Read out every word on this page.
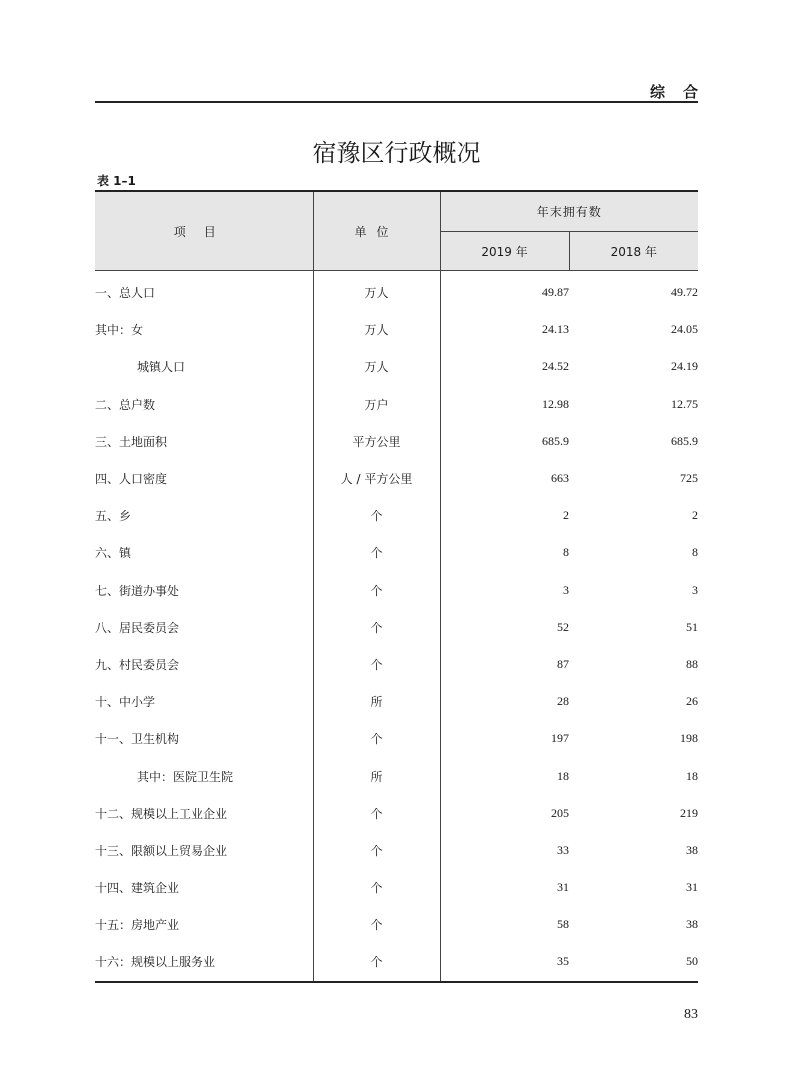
综合
宿豫区行政概况
表 1–1
项目	单位	年末拥有数	
		2019 年	2018 年
一、总人口	万人	49.87	49.72
其中：女	万人	24.13	24.05
城镇人口	万人	24.52	24.19
二、总户数	万户	12.98	12.75
三、土地面积	平方公里	685.9	685.9
四、人口密度	人 / 平方公里	663	725
五、乡	个	2	2
六、镇	个	8	8
七、街道办事处	个	3	3
八、居民委员会	个	52	51
九、村民委员会	个	87	88
十、中小学	所	28	26
十一、卫生机构	个	197	198
其中：医院卫生院	所	18	18
十二、规模以上工业企业	个	205	219
十三、限额以上贸易企业	个	33	38
十四、建筑企业	个	31	31
十五：房地产业	个	58	38
十六：规模以上服务业	个	35	50
83
